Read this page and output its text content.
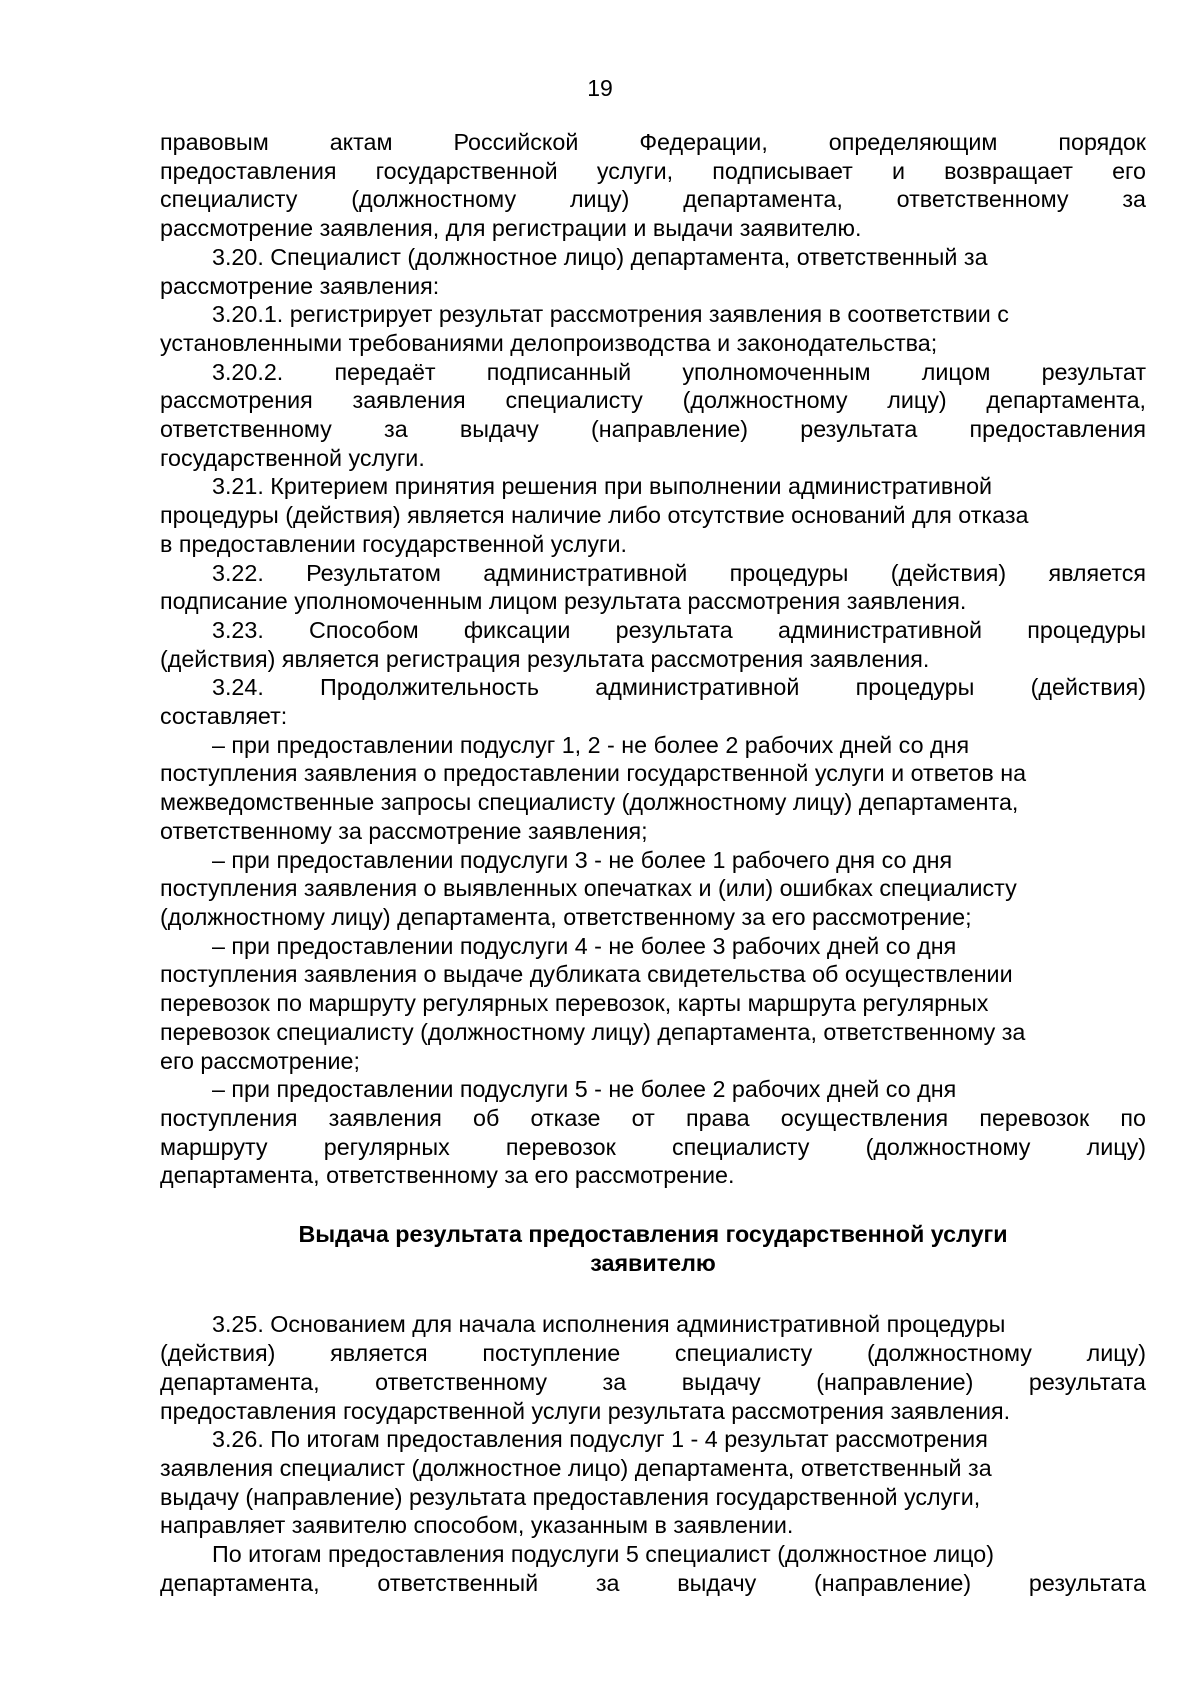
19
правовым актам Российской Федерации, определяющим порядок
предоставления государственной услуги, подписывает и возвращает его
специалисту (должностному лицу) департамента, ответственному за
рассмотрение заявления, для регистрации и выдачи заявителю.
3.20. Специалист (должностное лицо) департамента, ответственный за
рассмотрение заявления:
3.20.1. регистрирует результат рассмотрения заявления в соответствии с
установленными требованиями делопроизводства и законодательства;
3.20.2. передаёт подписанный уполномоченным лицом результат
рассмотрения заявления специалисту (должностному лицу) департамента,
ответственному за выдачу (направление) результата предоставления
государственной услуги.
3.21. Критерием принятия решения при выполнении административной
процедуры (действия) является наличие либо отсутствие оснований для отказа
в предоставлении государственной услуги.
3.22. Результатом административной процедуры (действия) является
подписание уполномоченным лицом результата рассмотрения заявления.
3.23. Способом фиксации результата административной процедуры
(действия) является регистрация результата рассмотрения заявления.
3.24. Продолжительность административной процедуры (действия)
составляет:
– при предоставлении подуслуг 1, 2 - не более 2 рабочих дней со дня
поступления заявления о предоставлении государственной услуги и ответов на
межведомственные запросы специалисту (должностному лицу) департамента,
ответственному за рассмотрение заявления;
– при предоставлении подуслуги 3 - не более 1 рабочего дня со дня
поступления заявления о выявленных опечатках и (или) ошибках специалисту
(должностному лицу) департамента, ответственному за его рассмотрение;
– при предоставлении подуслуги 4 - не более 3 рабочих дней со дня
поступления заявления о выдаче дубликата свидетельства об осуществлении
перевозок по маршруту регулярных перевозок, карты маршрута регулярных
перевозок специалисту (должностному лицу) департамента, ответственному за
его рассмотрение;
– при предоставлении подуслуги 5 - не более 2 рабочих дней со дня
поступления заявления об отказе от права осуществления перевозок по
маршруту регулярных перевозок специалисту (должностному лицу)
департамента, ответственному за его рассмотрение.
Выдача результата предоставления государственной услуги
заявителю
3.25. Основанием для начала исполнения административной процедуры
(действия) является поступление специалисту (должностному лицу)
департамента, ответственному за выдачу (направление) результата
предоставления государственной услуги результата рассмотрения заявления.
3.26. По итогам предоставления подуслуг 1 - 4 результат рассмотрения
заявления специалист (должностное лицо) департамента, ответственный за
выдачу (направление) результата предоставления государственной услуги,
направляет заявителю способом, указанным в заявлении.
По итогам предоставления подуслуги 5 специалист (должностное лицо)
департамента, ответственный за выдачу (направление) результата
